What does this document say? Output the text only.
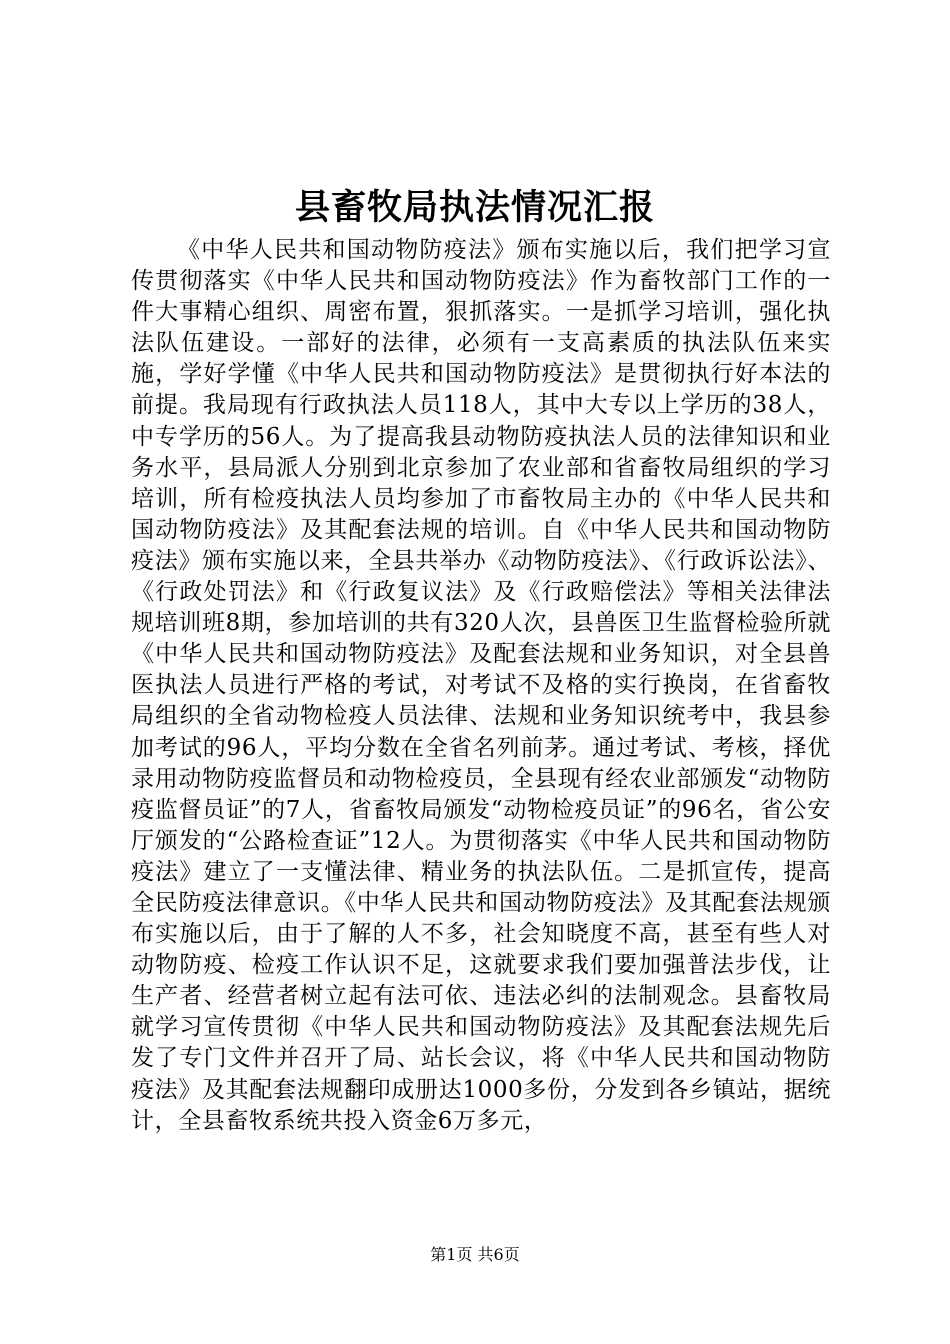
县畜牧局执法情况汇报

《中华人民共和国动物防疫法》颁布实施以后，我们把学习宣传贯彻落实《中华人民共和国动物防疫法》作为畜牧部门工作的一件大事精心组织、周密布置，狠抓落实。一是抓学习培训，强化执法队伍建设。一部好的法律，必须有一支高素质的执法队伍来实施，学好学懂《中华人民共和国动物防疫法》是贯彻执行好本法的前提。我局现有行政执法人员118人，其中大专以上学历的38人，中专学历的56人。为了提高我县动物防疫执法人员的法律知识和业务水平，县局派人分别到北京参加了农业部和省畜牧局组织的学习培训，所有检疫执法人员均参加了市畜牧局主办的《中华人民共和国动物防疫法》及其配套法规的培训。自《中华人民共和国动物防疫法》颁布实施以来，全县共举办《动物防疫法》、《行政诉讼法》、《行政处罚法》和《行政复议法》及《行政赔偿法》等相关法律法规培训班8期，参加培训的共有320人次，县兽医卫生监督检验所就《中华人民共和国动物防疫法》及配套法规和业务知识，对全县兽医执法人员进行严格的考试，对考试不及格的实行换岗，在省畜牧局组织的全省动物检疫人员法律、法规和业务知识统考中，我县参加考试的96人，平均分数在全省名列前茅。通过考试、考核，择优录用动物防疫监督员和动物检疫员，全县现有经农业部颁发“动物防疫监督员证”的7人，省畜牧局颁发“动物检疫员证”的96名，省公安厅颁发的“公路检查证”12人。为贯彻落实《中华人民共和国动物防疫法》建立了一支懂法律、精业务的执法队伍。二是抓宣传，提高全民防疫法律意识。《中华人民共和国动物防疫法》及其配套法规颁布实施以后，由于了解的人不多，社会知晓度不高，甚至有些人对动物防疫、检疫工作认识不足，这就要求我们要加强普法步伐，让生产者、经营者树立起有法可依、违法必纠的法制观念。县畜牧局就学习宣传贯彻《中华人民共和国动物防疫法》及其配套法规先后发了专门文件并召开了局、站长会议，将《中华人民共和国动物防疫法》及其配套法规翻印成册达1000多份，分发到各乡镇站，据统计，全县畜牧系统共投入资金6万多元，

第1页 共6页
